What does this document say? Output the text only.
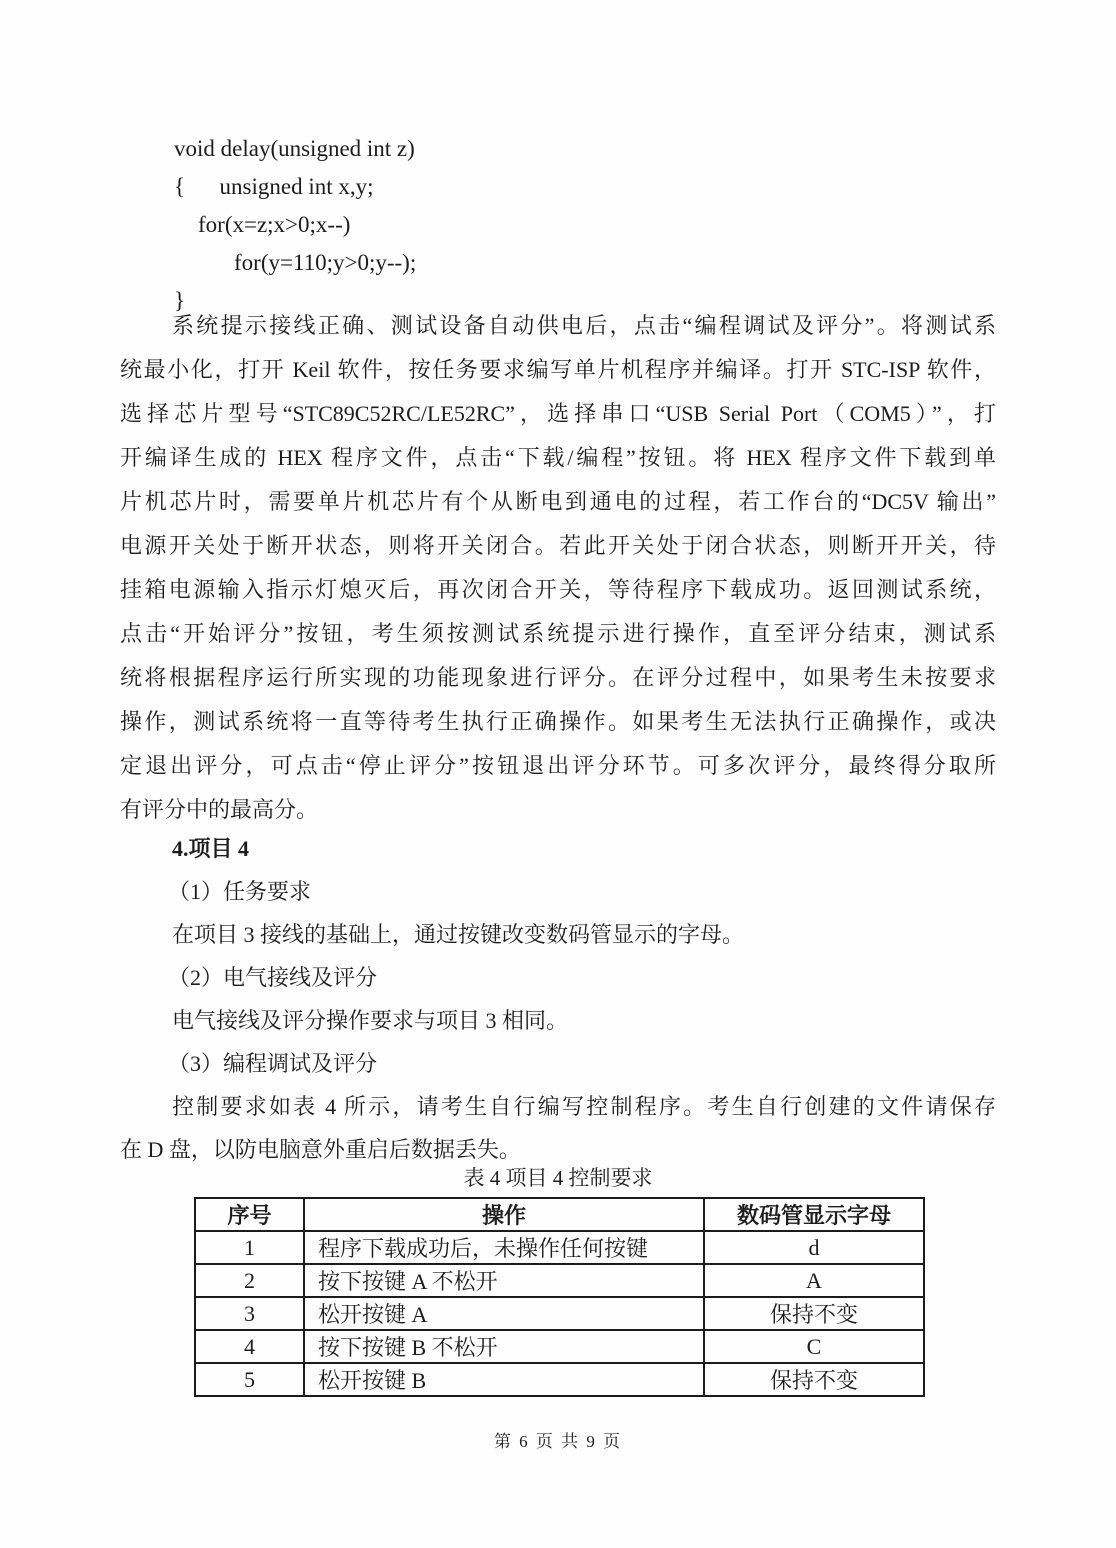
void delay(unsigned int z)
{      unsigned int x,y;
for(x=z;x>0;x--)
for(y=110;y>0;y--);
}
系统提示接线正确、测试设备自动供电后，点击“编程调试及评分”。将测试系
统最小化，打开 Keil 软件，按任务要求编写单片机程序并编译。打开 STC-ISP 软件，
选择芯片型号“STC89C52RC/LE52RC”，选择串口“USB Serial Port（COM5）”，打
开编译生成的 HEX 程序文件，点击“下载/编程”按钮。将 HEX 程序文件下载到单
片机芯片时，需要单片机芯片有个从断电到通电的过程，若工作台的“DC5V 输出”
电源开关处于断开状态，则将开关闭合。若此开关处于闭合状态，则断开开关，待
挂箱电源输入指示灯熄灭后，再次闭合开关，等待程序下载成功。返回测试系统，
点击“开始评分”按钮，考生须按测试系统提示进行操作，直至评分结束，测试系
统将根据程序运行所实现的功能现象进行评分。在评分过程中，如果考生未按要求
操作，测试系统将一直等待考生执行正确操作。如果考生无法执行正确操作，或决
定退出评分，可点击“停止评分”按钮退出评分环节。可多次评分，最终得分取所
有评分中的最高分。
4.项目 4
（1）任务要求
在项目 3 接线的基础上，通过按键改变数码管显示的字母。
（2）电气接线及评分
电气接线及评分操作要求与项目 3 相同。
（3）编程调试及评分
控制要求如表 4 所示，请考生自行编写控制程序。考生自行创建的文件请保存
在 D 盘，以防电脑意外重启后数据丢失。
表 4 项目 4 控制要求
序号	操作	数码管显示字母
1	程序下载成功后，未操作任何按键	d
2	按下按键 A 不松开	A
3	松开按键 A	保持不变
4	按下按键 B 不松开	C
5	松开按键 B	保持不变
第 6 页 共 9 页
